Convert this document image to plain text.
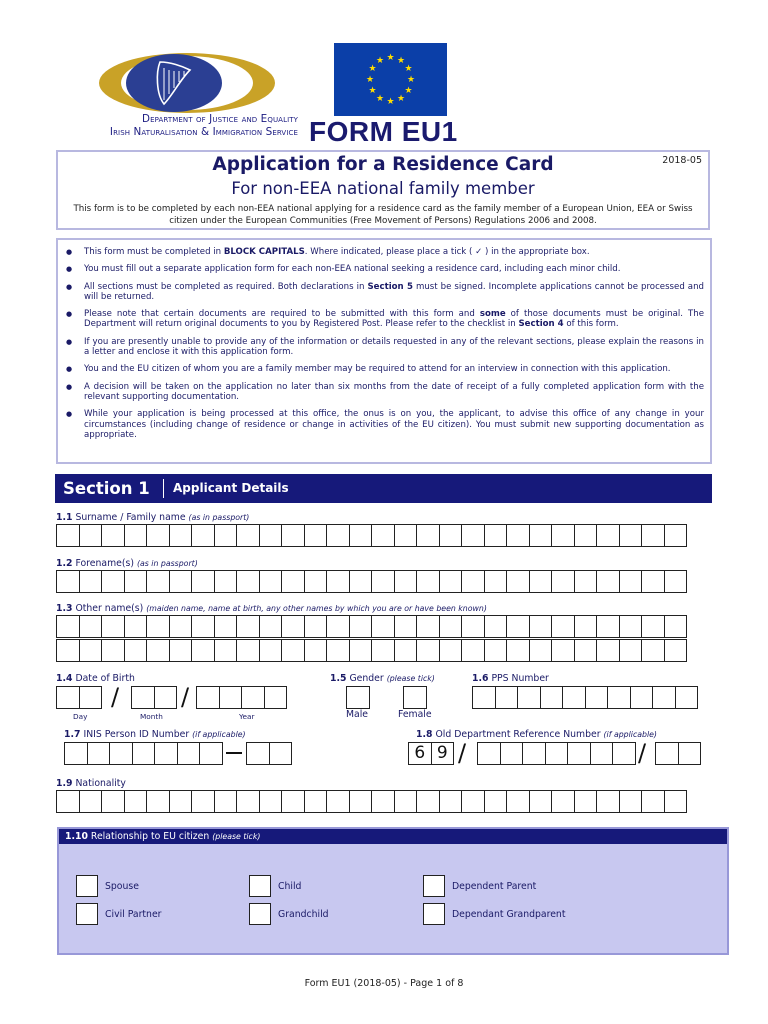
Department of Justice and Equality
Irish Naturalisation & Immigration Service
★ ★
★
★
★
★
★
★
★
★
★
★
FORM EU1
Application for a Residence Card
For non-EEA national family member
2018-05
This form is to be completed by each non-EEA national applying for a residence card as the family member of a European Union, EEA or Swiss citizen under the European Communities (Free Movement of Persons) Regulations 2006 and 2008.
● This form must be completed in BLOCK CAPITALS. Where indicated, please place a tick ( ✓ ) in the appropriate box.
● You must fill out a separate application form for each non-EEA national seeking a residence card, including each minor child.
● All sections must be completed as required. Both declarations in Section 5 must be signed. Incomplete applications cannot be processed and will be returned.
● Please note that certain documents are required to be submitted with this form and some of those documents must be original. The Department will return original documents to you by Registered Post. Please refer to the checklist in Section 4 of this form.
● If you are presently unable to provide any of the information or details requested in any of the relevant sections, please explain the reasons in a letter and enclose it with this application form.
● You and the EU citizen of whom you are a family member may be required to attend for an interview in connection with this application.
● A decision will be taken on the application no later than six months from the date of receipt of a fully completed application form with the relevant supporting documentation.
● While your application is being processed at this office, the onus is on you, the applicant, to advise this office of any change in your circumstances (including change of residence or change in activities of the EU citizen). You must submit new supporting documentation as appropriate.
Section 1 Applicant Details
1.1 Surname / Family name (as in passport)
1.2 Forename(s) (as in passport)
1.3 Other name(s) (maiden name, name at birth, any other names by which you are or have been known)
1.4 Date of Birth
/	/
Day	Month	Year
1.5 Gender (please tick)
Male	Female
1.6 PPS Number
1.7 INIS Person ID Number (if applicable)	1.8 Old Department Reference Number (if applicable)
6 9 /	/
1.9 Nationality
1.10 Relationship to EU citizen (please tick)
Spouse	Child	Dependent Parent
Civil Partner	Grandchild	Dependant Grandparent
Form EU1 (2018-05) - Page 1 of 8
